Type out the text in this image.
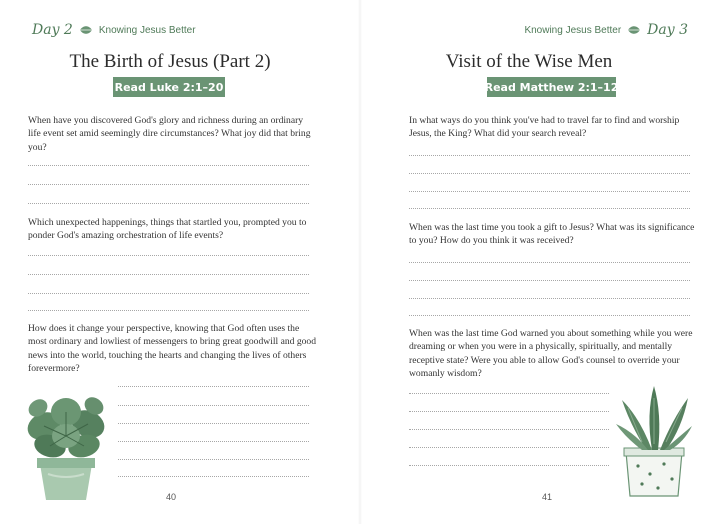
Day 2	Knowing Jesus Better
The Birth of Jesus (Part 2)
Read Luke 2:1–20
When have you discovered God's glory and richness during an ordinary life event set amid seemingly dire circumstances? What joy did that bring you?
Which unexpected happenings, things that startled you, prompted you to ponder God's amazing orchestration of life events?
How does it change your perspective, knowing that God often uses the most ordinary and lowliest of messengers to bring great goodwill and good news into the world, touching the hearts and changing the lives of others forevermore?
40
Knowing Jesus Better Day 3
Visit of the Wise Men
Read Matthew 2:1–12
In what ways do you think you've had to travel far to find and worship Jesus, the King? What did your search reveal?
When was the last time you took a gift to Jesus? What was its significance to you? How do you think it was received?
When was the last time God warned you about something while you were dreaming or when you were in a physically, spiritually, and mentally receptive state? Were you able to allow God's counsel to override your womanly wisdom?
41
